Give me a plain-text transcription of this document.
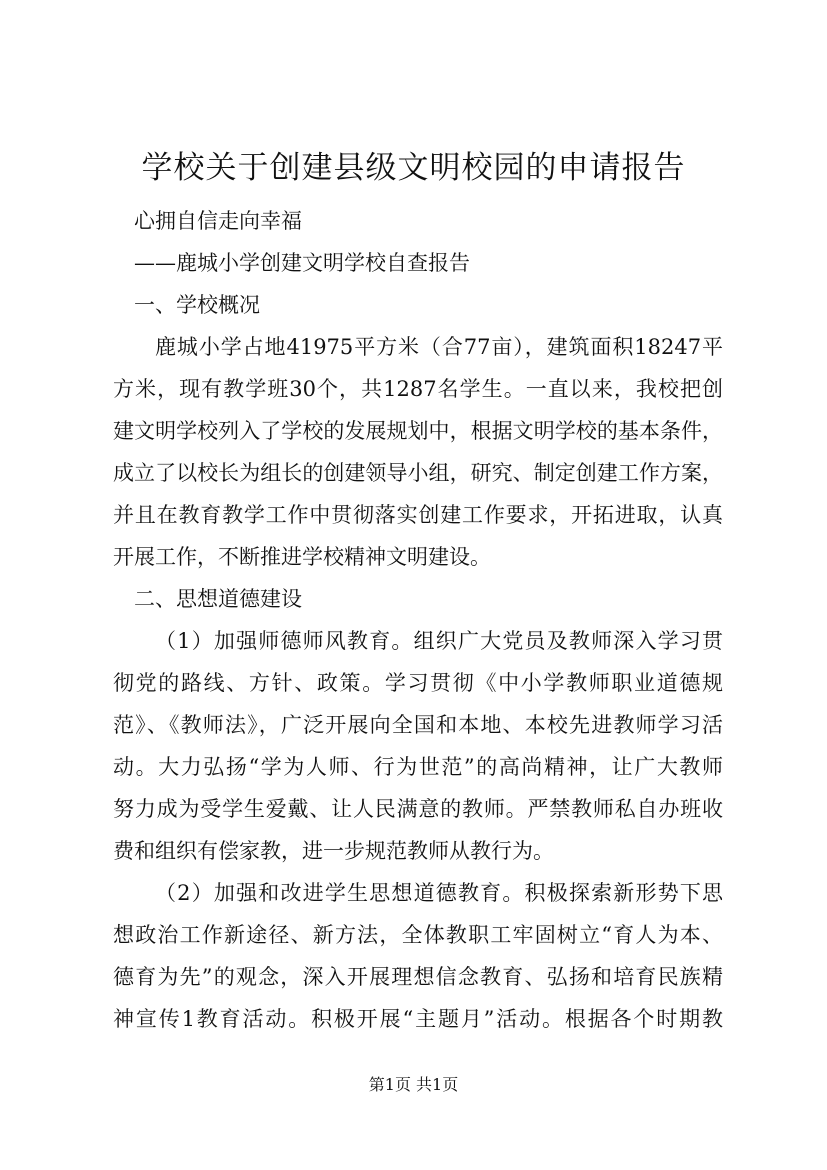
学校关于创建县级文明校园的申请报告
心拥自信走向幸福
——鹿城小学创建文明学校自查报告
一、学校概况
鹿城小学占地41975平方米（合77亩），建筑面积18247平
方米，现有教学班30个，共1287名学生。一直以来，我校把创
建文明学校列入了学校的发展规划中，根据文明学校的基本条件，
成立了以校长为组长的创建领导小组，研究、制定创建工作方案，
并且在教育教学工作中贯彻落实创建工作要求，开拓进取，认真
开展工作，不断推进学校精神文明建设。
二、思想道德建设
（1）加强师德师风教育。组织广大党员及教师深入学习贯
彻党的路线、方针、政策。学习贯彻《中小学教师职业道德规
范》、《教师法》，广泛开展向全国和本地、本校先进教师学习活
动。大力弘扬“学为人师、行为世范”的高尚精神，让广大教师
努力成为受学生爱戴、让人民满意的教师。严禁教师私自办班收
费和组织有偿家教，进一步规范教师从教行为。
（2）加强和改进学生思想道德教育。积极探索新形势下思
想政治工作新途径、新方法，全体教职工牢固树立“育人为本、
德育为先”的观念，深入开展理想信念教育、弘扬和培育民族精
神宣传1教育活动。积极开展“主题月”活动。根据各个时期教
第1页 共1页
